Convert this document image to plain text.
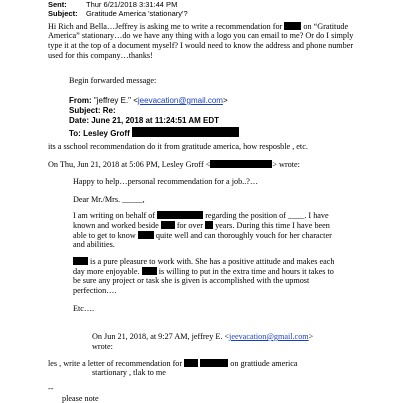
Sent:	Thur 6/21/2018 3:31:44 PM
Subject: Gratitude America 'stationary'?
Hi Rich and Bella…Jeffrey is asking me to write a recommendation for	on “Gratitude
America” stationary…do we have any thing with a logo you can email to me? Or do I simply
type it at the top of a document myself? I would need to know the address and phone number
used for this company…thanks!
Begin forwarded message:
From: "jeffrey E." <jeevacation@gmail.com>
Subject: Re:
Date: June 21, 2018 at 11:24:51 AM EDT
To: Lesley Groff
its a sschool recommendation do it from gratitude america, how resposble , etc.
On Thu, Jun 21, 2018 at 5:06 PM, Lesley Groff <	> wrote:
Happy to help…personal recommendation for a job..?…
Dear Mr./Mrs. _____,
I am writing on behalf of	regarding the position of ____. I have
known and worked beside for over years. During this time I have been
able to get to know quite well and can thoroughly vouch for her character
and abilities.
is a pure pleasure to work with. She has a positive attitude and makes each
day more enjoyable. is willing to put in the extra time and hours it takes to
be sure any project or task she is given is accomplished with the upmost
perfection….
Etc….
On Jun 21, 2018, at 9:27 AM, jeffrey E. <jeevacation@gmail.com>
wrote:
les , write a letter of recommendation for	on grattiude america
startionary , tlak to me
--
please note
